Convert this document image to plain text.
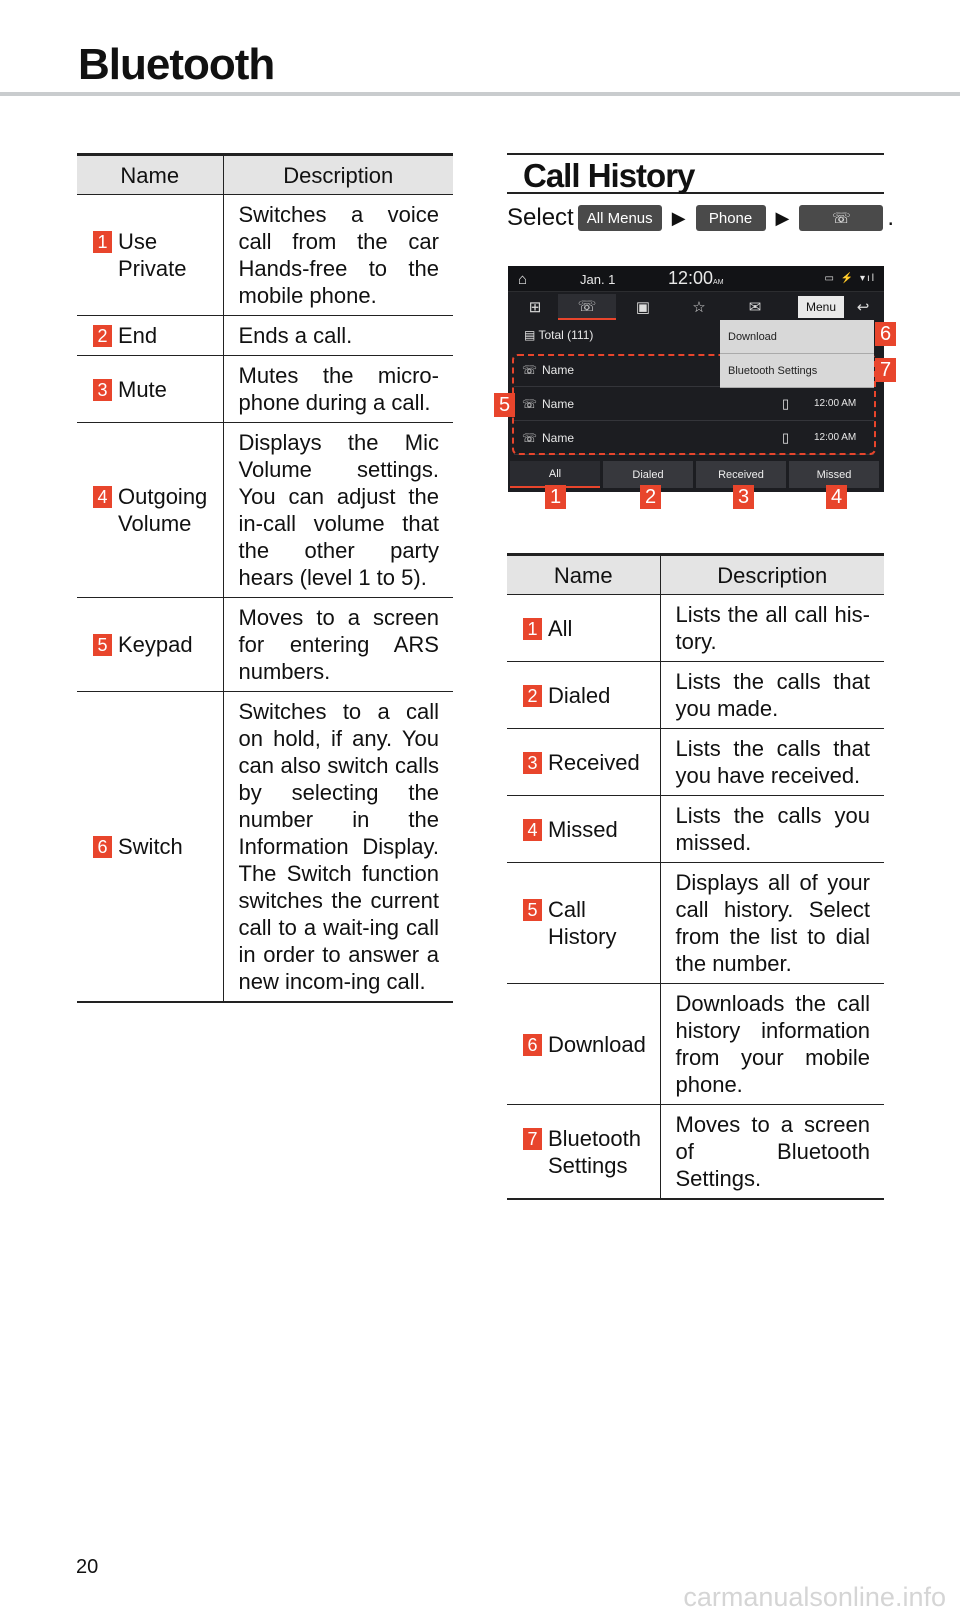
Bluetooth
Name	Description

1 Use
Private	Switches a voice call from the car Hands-free to the mobile phone.

2 End	Ends a call.

3 Mute	Mutes the micro-phone during a call.

4 Outgoing
Volume	Displays the Mic Volume settings. You can adjust the in-call volume that the other party hears (level 1 to 5).

5 Keypad	Moves to a screen for entering ARS numbers.

6 Switch	Switches to a call on hold, if any. You can also switch calls by selecting the number in the Information Display. The Switch function switches the current call to a wait-ing call in order to answer a new incom-ing call.
Call History
Select All Menus	▶	Phone	▶	☏ .
⌂	Jan. 1	12:00AM	▭ ⚡ ▾ıl
⊞	☏	▣	☆	✉	Menu	↩
▤ Total (111)
☏ Name
☏ Name	▯ 12:00 AM
☏ Name	▯ 12:00 AM
Download
Bluetooth Settings
All	Dialed	Received	Missed
1	2	3	4
5
6
7
Name	Description

1 All	Lists the all call his-tory.

2 Dialed	Lists the calls that you made.

3 Received	Lists the calls that you have received.

4 Missed	Lists the calls you missed.

5 Call
History	Displays all of your call history. Select from the list to dial the number.

6 Download	Downloads the call history information from your mobile phone.

7 Bluetooth
Settings	Moves to a screen of Bluetooth Settings.
20
carmanualsonline.info
